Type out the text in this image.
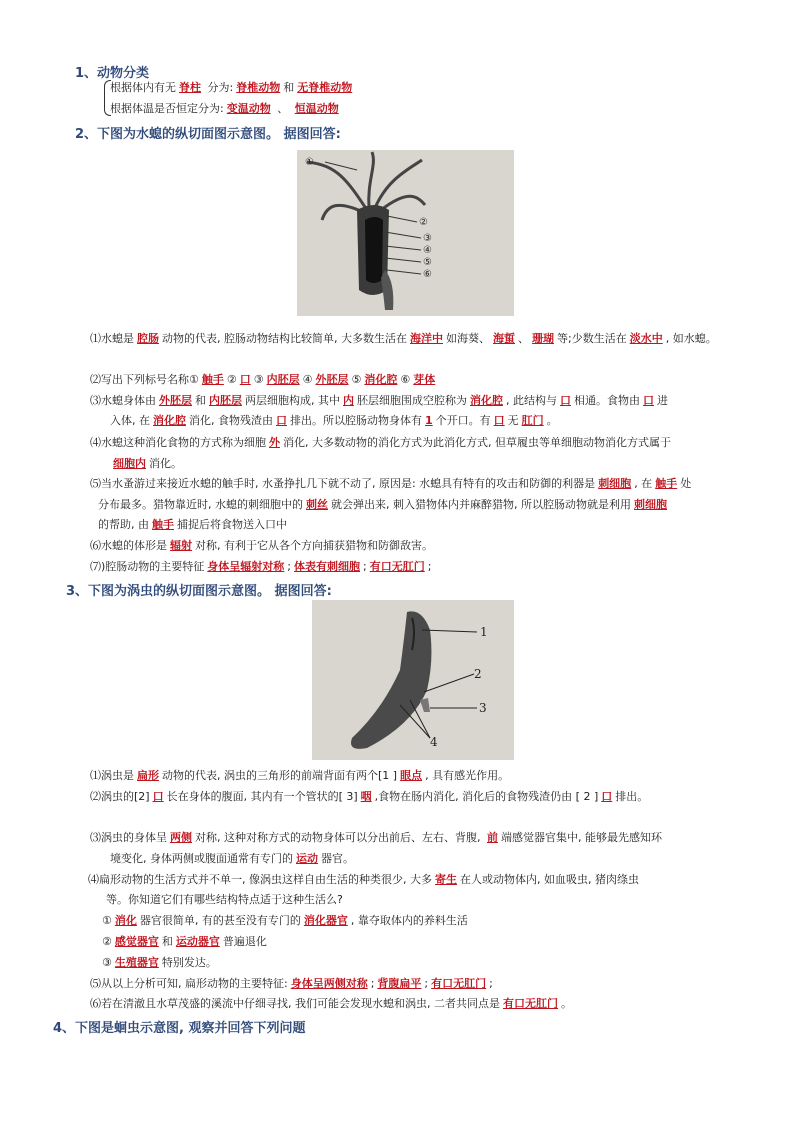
1、动物分类
根据体内有无 脊柱 分为: 脊椎动物 和 无脊椎动物
根据体温是否恒定分为: 变温动物 、 恒温动物
2、下图为水螅的纵切面图示意图。 据图回答:
①
②
③
④
⑤
⑥
⑴水螅是 腔肠 动物的代表, 腔肠动物结构比较简单, 大多数生活在 海洋中 如海葵、 海蜇 、 珊瑚 等;少数生活在 淡水中 , 如水螅。
⑵写出下列标号名称① 触手 ② 口 ③ 内胚层 ④ 外胚层 ⑤ 消化腔 ⑥ 芽体
⑶水螅身体由 外胚层 和 内胚层 两层细胞构成, 其中 内 胚层细胞围成空腔称为 消化腔 , 此结构与 口 相通。食物由 口 进
入体, 在 消化腔 消化, 食物残渣由 口 排出。所以腔肠动物身体有 1 个开口。有 口 无 肛门 。
⑷水螅这种消化食物的方式称为细胞 外 消化, 大多数动物的消化方式为此消化方式, 但草履虫等单细胞动物消化方式属于
细胞内 消化。
⑸当水蚤游过来接近水螅的触手时, 水蚤挣扎几下就不动了, 原因是: 水螅具有特有的攻击和防御的利器是 刺细胞 , 在 触手 处
分布最多。猎物靠近时, 水螅的刺细胞中的 刺丝 就会弹出来, 刺入猎物体内并麻醉猎物, 所以腔肠动物就是利用 刺细胞
的帮助, 由 触手 捕捉后将食物送入口中
⑹水螅的体形是 辐射 对称, 有利于它从各个方向捕获猎物和防御敌害。
⑺)腔肠动物的主要特征 身体呈辐射对称 ; 体表有刺细胞 ; 有口无肛门 ;
3、下图为涡虫的纵切面图示意图。 据图回答:
1
2
3
4
⑴涡虫是 扁形 动物的代表, 涡虫的三角形的前端背面有两个[1 ] 眼点 , 具有感光作用。
⑵涡虫的[2] 口 长在身体的腹面, 其内有一个管状的[ 3] 咽 ,食物在肠内消化, 消化后的食物残渣仍由 [ 2 ] 口 排出。
⑶涡虫的身体呈 两侧 对称, 这种对称方式的动物身体可以分出前后、左右、背腹, 前 端感觉器官集中, 能够最先感知环
境变化, 身体两侧或腹面通常有专门的 运动 器官。
⑷扁形动物的生活方式并不单一, 像涡虫这样自由生活的种类很少, 大多 寄生 在人或动物体内, 如血吸虫, 猪肉绦虫
等。你知道它们有哪些结构特点适于这种生活么?
① 消化 器官很简单, 有的甚至没有专门的 消化器官 , 靠夺取体内的养料生活
② 感觉器官 和 运动器官 普遍退化
③ 生殖器官 特别发达。
⑸从以上分析可知, 扁形动物的主要特征: 身体呈两侧对称 ; 背腹扁平 ; 有口无肛门 ;
⑹若在清澈且水草茂盛的溪流中仔细寻找, 我们可能会发现水螅和涡虫, 二者共同点是 有口无肛门 。
4、下图是蛔虫示意图, 观察并回答下列问题
